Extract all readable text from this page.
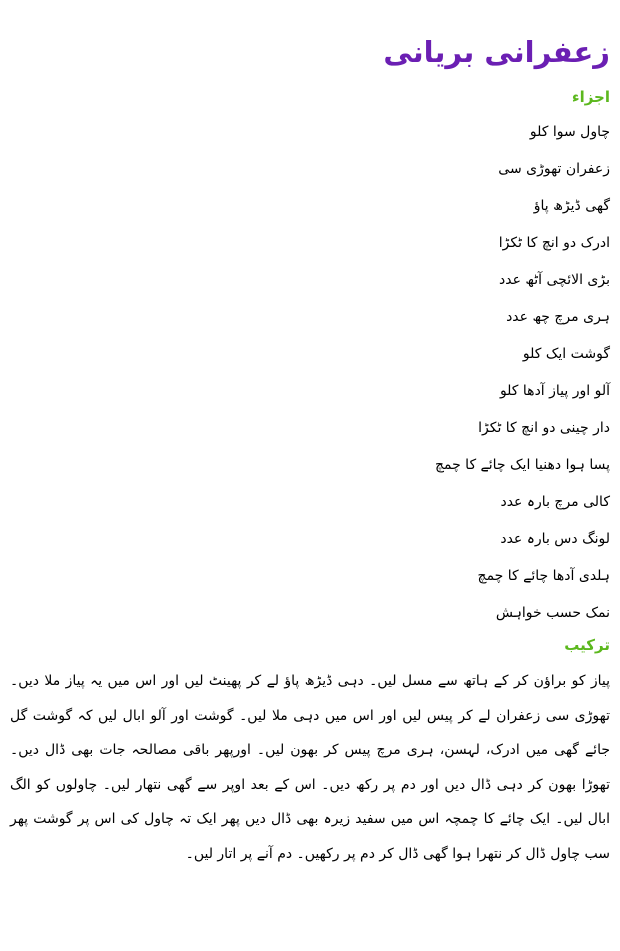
زعفرانی بریانی
اجزاء
چاول سوا کلو
زعفران تھوڑی سی
گھی ڈیڑھ پاؤ
ادرک دو انچ کا ٹکڑا
بڑی الائچی آٹھ عدد
ہری مرچ چھ عدد
گوشت ایک کلو
آلو اور پیاز آدھا کلو
دار چینی دو انچ کا ٹکڑا
پسا ہوا دھنیا ایک چائے کا چمچ
کالی مرچ بارہ عدد
لونگ دس بارہ عدد
ہلدی آدھا چائے کا چمچ
نمک حسب خواہش
ترکیب

پیاز کو براؤن کر کے ہاتھ سے مسل لیں۔ دہی ڈیڑھ پاؤ لے کر پھینٹ لیں اور اس میں یہ پیاز ملا دیں۔تھوڑی سی زعفران لے کر پیس لیں اور اس میں دہی ملا لیں۔ گوشت اور آلو ابال لیں کہ گوشت گل جائے گھی میں ادرک، لہسن، ہری مرچ پیس کر بھون لیں۔ اورپھر باقی مصالحہ جات بھی ڈال دیں۔ تھوڑا بھون کر دہی ڈال دیں اور دم پر رکھ دیں۔ اس کے بعد اوپر سے گھی نتھار لیں۔ چاولوں کو الگ ابال لیں۔ ایک چائے کا چمچہ اس میں سفید زیرہ بھی ڈال دیں پھر ایک تہ چاول کی اس پر گوشت پھر سب چاول ڈال کر نتھرا ہوا گھی ڈال کر دم پر رکھیں۔ دم آنے پر اتار لیں۔
